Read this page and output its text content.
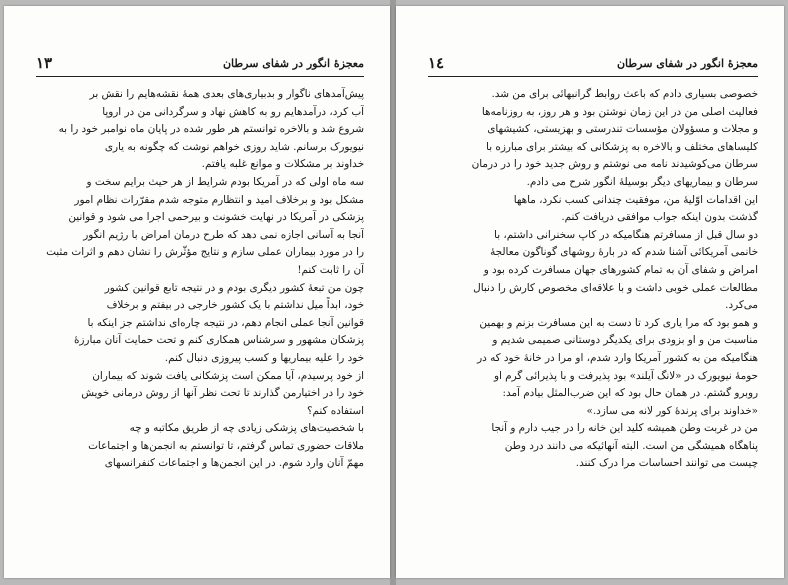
معجزهٔ انگور در شفای سرطان
١٣
پیش‌آمدهای ناگوار و بدبیاری‌های بعدی همهٔ نقشه‌هایم را نقش بر
آب کرد، درآمدهایم رو به کاهش نهاد و سرگردانی من در اروپا
شروع شد و بالاخره توانستم هر طور شده در پایان ماه نوامبر خود را به
نیویورک برسانم. شاید روزی خواهم نوشت که چگونه به یاری
خداوند بر مشکلات و موانع غلبه یافتم.
سه ماه اولی که در آمریکا بودم شرایط از هر حیث برایم سخت و
مشکل بود و برخلاف امید و انتظارم متوجه شدم مقرّرات نظام امور
پزشکی در آمریکا در نهایت خشونت و بیرحمی اجرا می شود و قوانین
آنجا به آسانی اجازه نمی دهد که طرح درمان امراض با رژیم انگور
را در مورد بیماران عملی سازم و نتایج مؤثّرش را نشان دهم و اثرات مثبت
آن را ثابت کنم!
چون من تبعهٔ کشور دیگری بودم و در نتیجه تابع قوانین کشور
خود، ابداً میل نداشتم با یک کشور خارجی در بیفتم و برخلاف
قوانین آنجا عملی انجام دهم، در نتیجه چاره‌ای نداشتم جز اینکه با
پزشکان مشهور و سرشناس همکاری کنم و تحت حمایت آنان مبارزهٔ
خود را علیه بیماریها و کسب پیروزی دنبال کنم.
از خود پرسیدم، آیا ممکن است پزشکانی یافت شوند که بیماران
خود را در اختیارمن گذارند تا تحت نظر آنها از روش درمانی خویش
استفاده کنم؟
با شخصیت‌های پزشکی زیادی چه از طریق مکاتبه و چه
ملاقات حضوری تماس گرفتم، تا توانستم به انجمن‌ها و اجتماعات
مهمّ آنان وارد شوم. در این انجمن‌ها و اجتماعات کنفرانسهای
معجزهٔ انگور در شفای سرطان
١٤
خصوصی بسیاری دادم که باعث روابط گرانبهائی برای من شد.
فعالیت اصلی من در این زمان نوشتن بود و هر روز، به روزنامه‌ها
و مجلات و مسؤولان مؤسسات تندرستی و بهزیستی، کشیشهای
کلیساهای مختلف و بالاخره به پزشکانی که بیشتر برای مبارزه با
سرطان می‌کوشیدند نامه می نوشتم و روش جدید خود را در درمان
سرطان و بیماریهای دیگر بوسیلهٔ انگور شرح می دادم.
این اقدامات اوّلیهٔ من، موفقیت چندانی کسب نکرد، ماهها
گذشت بدون اینکه جواب موافقی دریافت کنم.
دو سال قبل از مسافرتم هنگامیکه در کاپ سخنرانی داشتم، با
خانمی آمریکائی آشنا شدم که در بارهٔ روشهای گوناگون معالجهٔ
امراض و شفای آن به تمام کشورهای جهان مسافرت کرده بود و
مطالعات عملی خوبی داشت و با علاقه‌ای مخصوص کارش را دنبال
می‌کرد.
و همو بود که مرا یاری کرد تا دست به این مسافرت بزنم و بهمین
مناسبت من و او بزودی برای یکدیگر دوستانی صمیمی شدیم و
هنگامیکه من به کشور آمریکا وارد شدم، او مرا در خانهٔ خود که در
حومهٔ نیویورک در «لانگ آیلند» بود پذیرفت و با پذیرائی گرم او
روبرو گشتم. در همان حال بود که این ضرب‌المثل بیادم آمد:
«خداوند برای پرندهٔ کور لانه می سازد.»
من در غربت وطن همیشه کلید این خانه را در جیب دارم و آنجا
پناهگاه همیشگی من است. البته آنهائیکه می دانند درد وطن
چیست می توانند احساسات مرا درک کنند.
